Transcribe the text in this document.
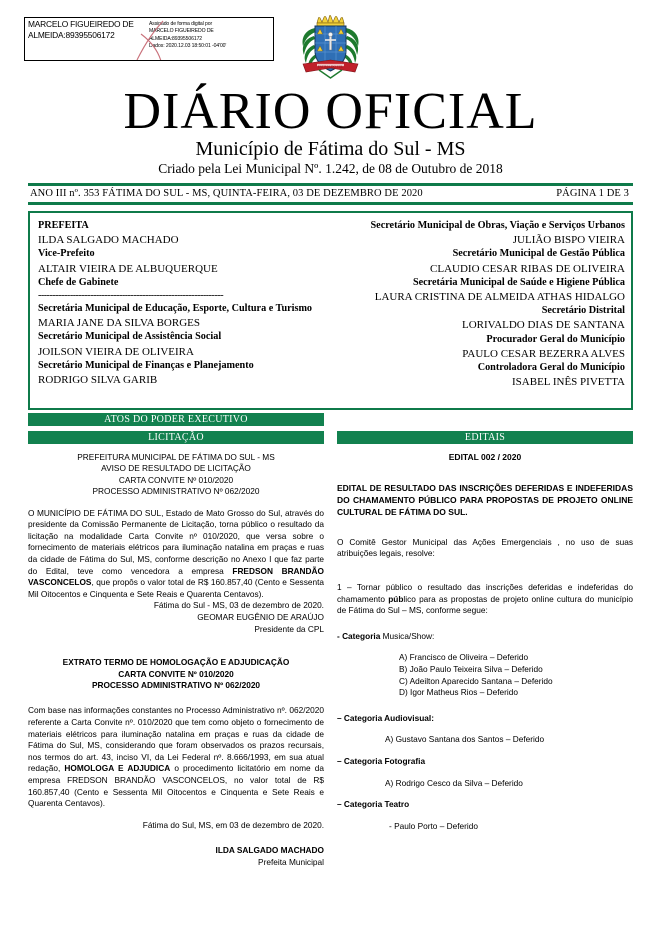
MARCELO FIGUEIREDO DE ALMEIDA:89395506172
Assinado de forma digital por
MARCELO FIGUEIREDO DE
ALMEIDA:89395506172
Dados: 2020.12.03 18:50:01 -04'00'
FATIMA DO SUL
DIÁRIO OFICIAL
Município de Fátima do Sul - MS
Criado pela Lei Municipal Nº. 1.242, de 08 de Outubro de 2018
ANO III nº. 353 FÁTIMA DO SUL - MS, QUINTA-FEIRA, 03 DE DEZEMBRO DE 2020	PÁGINA 1 DE 3
PREFEITA
ILDA SALGADO MACHADO
Vice-Prefeito
ALTAIR VIEIRA DE ALBUQUERQUE
Chefe de Gabinete
----------------------------------------------------------------
Secretária Municipal de Educação, Esporte, Cultura e Turismo
MARIA JANE DA SILVA BORGES
Secretário Municipal de Assistência Social
JOILSON VIEIRA DE OLIVEIRA
Secretário Municipal de Finanças e Planejamento
RODRIGO SILVA GARIB
Secretário Municipal de Obras, Viação e Serviços Urbanos
JULIÃO BISPO VIEIRA
Secretário Municipal de Gestão Pública
CLAUDIO CESAR RIBAS DE OLIVEIRA
Secretária Municipal de Saúde e Higiene Pública
LAURA CRISTINA DE ALMEIDA ATHAS HIDALGO
Secretário Distrital
LORIVALDO DIAS DE SANTANA
Procurador Geral do Município
PAULO CESAR BEZERRA ALVES
Controladora Geral do Município
ISABEL INÊS PIVETTA
ATOS DO PODER EXECUTIVO
LICITAÇÃO	EDITAIS
PREFEITURA MUNICIPAL DE FÁTIMA DO SUL - MS
AVISO DE RESULTADO DE LICITAÇÃO
CARTA CONVITE Nº 010/2020
PROCESSO ADMINISTRATIVO Nº 062/2020
O MUNICÍPIO DE FÁTIMA DO SUL, Estado de Mato Grosso do Sul, através do presidente da Comissão Permanente de Licitação, torna público o resultado da licitação na modalidade Carta Convite nº 010/2020, que versa sobre o fornecimento de materiais elétricos para iluminação natalina em praças e ruas da cidade de Fátima do Sul, MS, conforme descrição no Anexo I que faz parte do Edital, teve como vencedora a empresa FREDSON BRANDÃO VASCONCELOS, que propôs o valor total de R$ 160.857,40 (Cento e Sessenta Mil Oitocentos e Cinquenta e Sete Reais e Quarenta Centavos).
Fátima do Sul - MS, 03 de dezembro de 2020.
GEOMAR EUGÊNIO DE ARAÚJO
Presidente da CPL
EXTRATO TERMO DE HOMOLOGAÇÃO E ADJUDICAÇÃO
CARTA CONVITE Nº 010/2020
PROCESSO ADMINISTRATIVO Nº 062/2020
Com base nas informações constantes no Processo Administrativo nº. 062/2020 referente a Carta Convite nº. 010/2020 que tem como objeto o fornecimento de materiais elétricos para iluminação natalina em praças e ruas da cidade de Fátima do Sul, MS, considerando que foram observados os prazos recursais, nos termos do art. 43, inciso VI, da Lei Federal nº. 8.666/1993, em sua atual redação, HOMOLOGA E ADJUDICA o procedimento licitatório em nome da empresa FREDSON BRANDÃO VASCONCELOS, no valor total de R$ 160.857,40 (Cento e Sessenta Mil Oitocentos e Cinquenta e Sete Reais e Quarenta Centavos).
Fátima do Sul, MS, em 03 de dezembro de 2020.
ILDA SALGADO MACHADO
Prefeita Municipal
EDITAL 002 / 2020
EDITAL DE RESULTADO DAS INSCRIÇÕES DEFERIDAS E INDEFERIDAS DO CHAMAMENTO PÚBLICO PARA PROPOSTAS DE PROJETO ONLINE CULTURAL DE FÁTIMA DO SUL.
O Comitê Gestor Municipal das Ações Emergenciais , no uso de suas atribuições legais, resolve:
1 – Tornar público o resultado das inscrições deferidas e indeferidas do chamamento público para as propostas de projeto online cultura do município de Fátima do Sul – MS, conforme segue:
- Categoria Musica/Show:
A) Francisco de Oliveira – Deferido
B) João Paulo Teixeira Silva – Deferido
C) Adeilton Aparecido Santana – Deferido
D) Igor Matheus Rios – Deferido
– Categoria Audiovisual:
A) Gustavo Santana dos Santos – Deferido
– Categoria Fotografia
A) Rodrigo Cesco da Silva – Deferido
– Categoria Teatro
- Paulo Porto – Deferido
